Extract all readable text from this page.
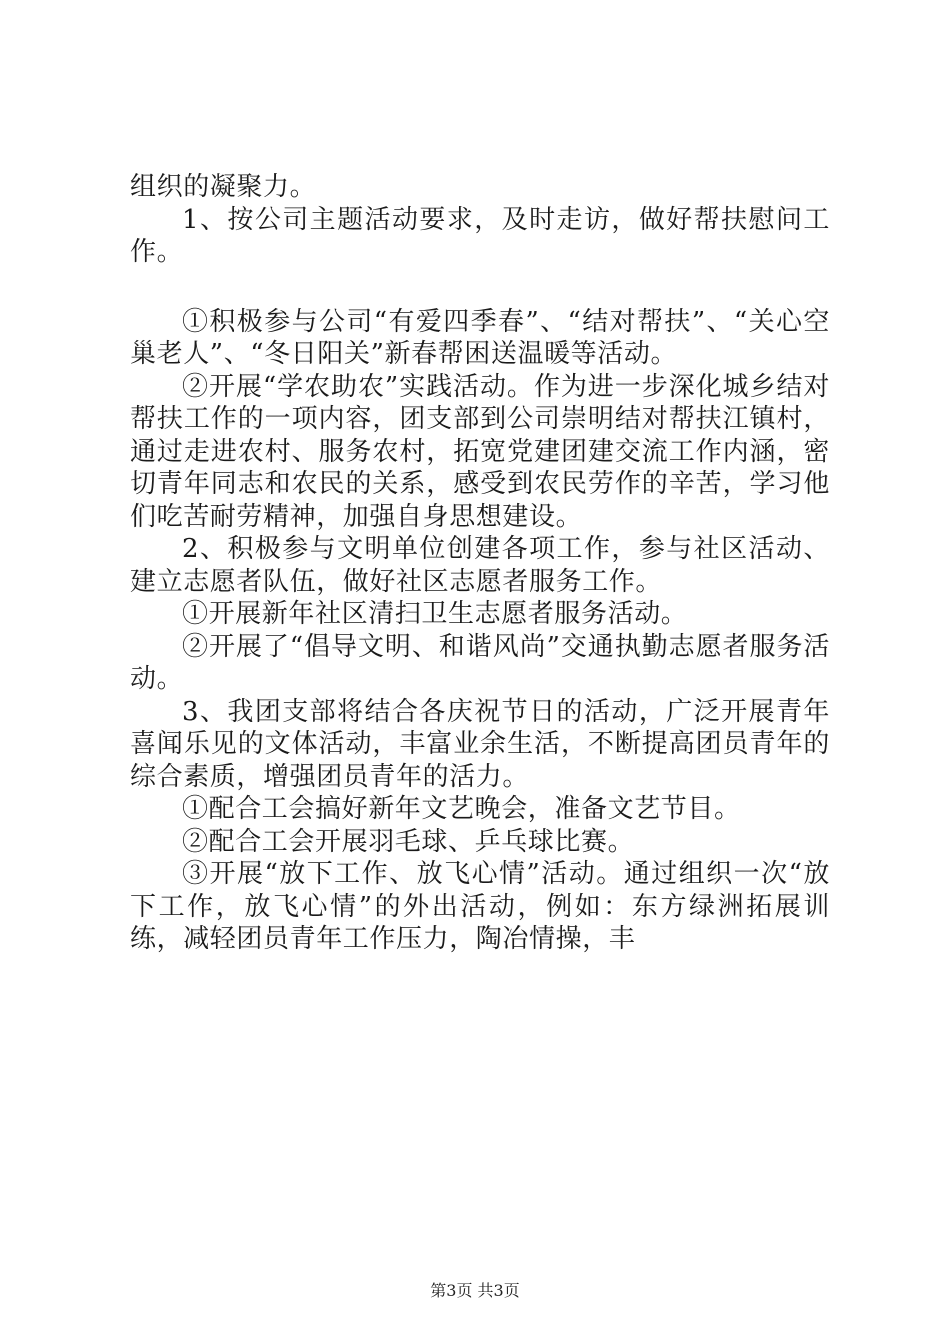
组织的凝聚力。

1、按公司主题活动要求，及时走访，做好帮扶慰问工作。

①积极参与公司“有爱四季春”、“结对帮扶”、“关心空巢老人”、“冬日阳关”新春帮困送温暖等活动。

②开展“学农助农”实践活动。作为进一步深化城乡结对帮扶工作的一项内容，团支部到公司崇明结对帮扶江镇村，通过走进农村、服务农村，拓宽党建团建交流工作内涵，密切青年同志和农民的关系，感受到农民劳作的辛苦，学习他们吃苦耐劳精神，加强自身思想建设。

2、积极参与文明单位创建各项工作，参与社区活动、建立志愿者队伍，做好社区志愿者服务工作。

①开展新年社区清扫卫生志愿者服务活动。

②开展了“倡导文明、和谐风尚”交通执勤志愿者服务活动。

3、我团支部将结合各庆祝节日的活动，广泛开展青年喜闻乐见的文体活动，丰富业余生活，不断提高团员青年的综合素质，增强团员青年的活力。

①配合工会搞好新年文艺晚会，准备文艺节目。

②配合工会开展羽毛球、乒乓球比赛。

③开展“放下工作、放飞心情”活动。通过组织一次“放下工作，放飞心情”的外出活动，例如：东方绿洲拓展训练，减轻团员青年工作压力，陶冶情操，丰

第3页 共3页
